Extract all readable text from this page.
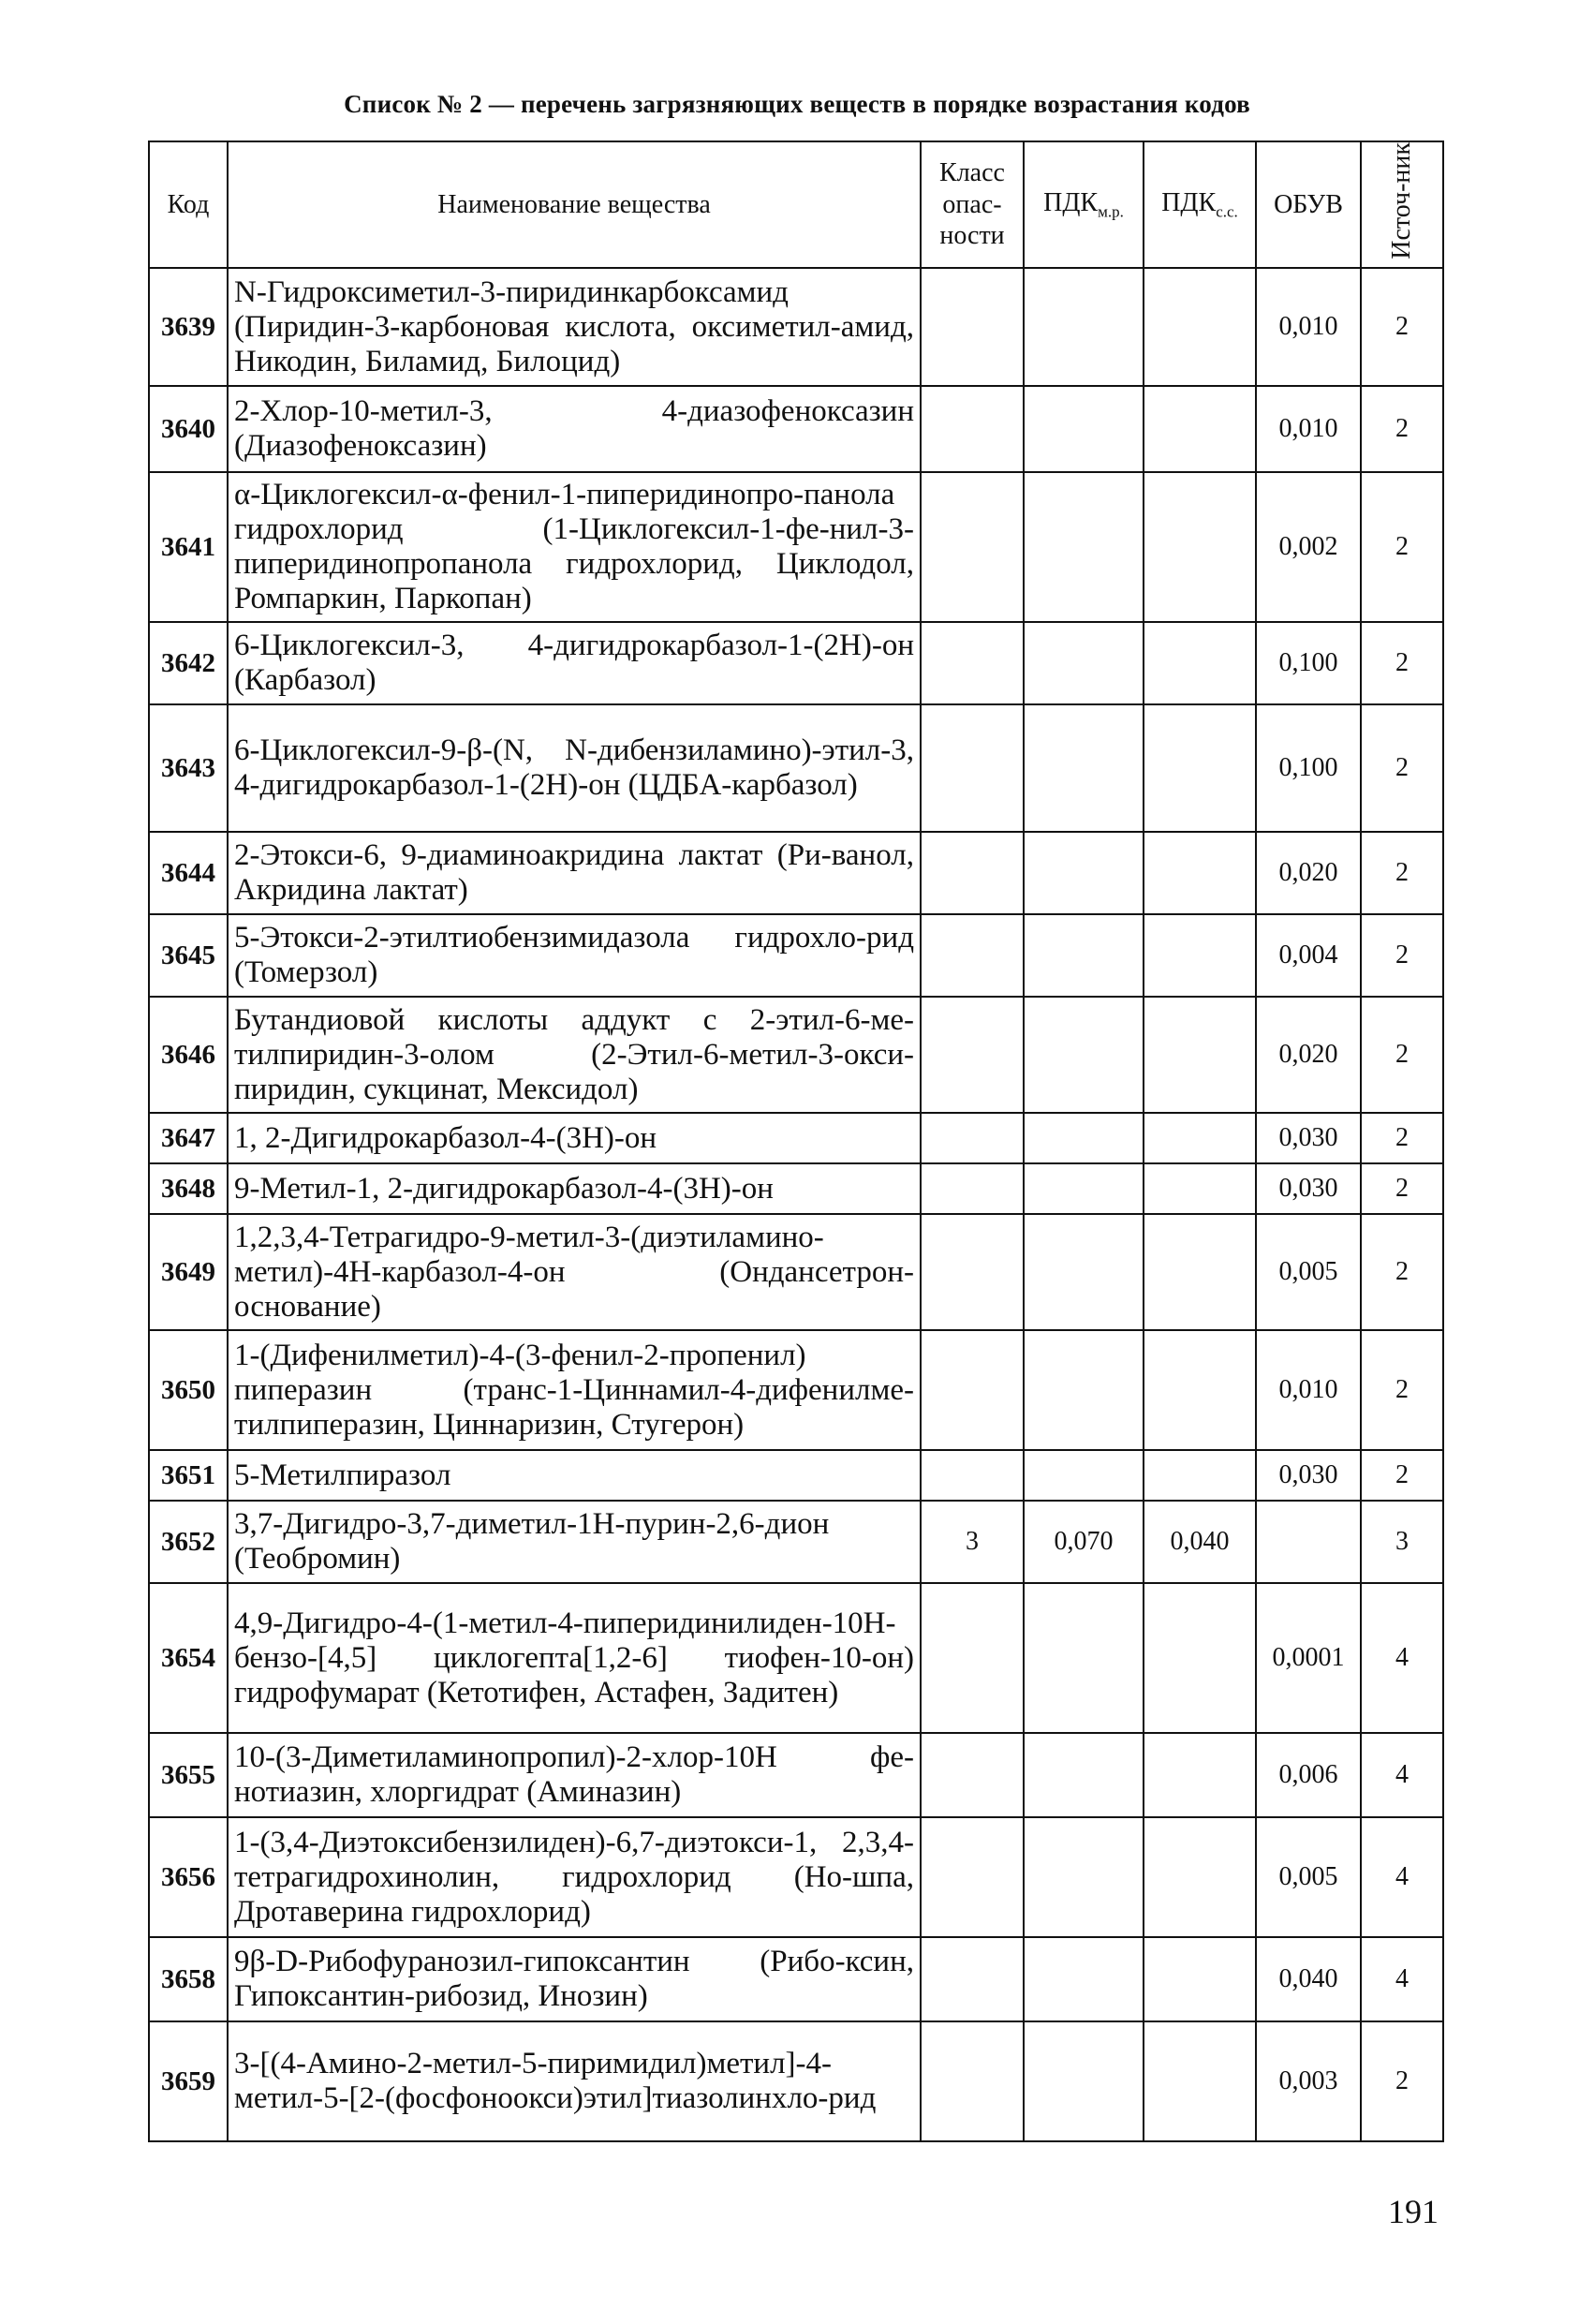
Список № 2 — перечень загрязняющих веществ в порядке возрастания кодов
Код	Наименование вещества	Класс опас-ности	$ПДК_{м.р.}$	$ПДК_{с.с.}$	ОБУВ	Источ-ник
3639	N-Гидроксиметил-3-пиридинкарбоксамид (Пиридин-3-карбоновая кислота, оксиметил-амид, Никодин, Биламид, Билоцид)				0,010	2
3640	2-Хлор-10-метил-3, 4-диазофеноксазин (Диазофеноксазин)				0,010	2
3641	α-Циклогексил-α-фенил-1-пиперидинопро-панола гидрохлорид (1-Циклогексил-1-фе-нил-3-пиперидинопропанола гидрохлорид, Циклодол, Ромпаркин, Паркопан)				0,002	2
3642	6-Циклогексил-3, 4-дигидрокарбазол-1-(2Н)-он (Карбазол)				0,100	2
3643	6-Циклогексил-9-β-(N, N-дибензиламино)-этил-3, 4-дигидрокарбазол-1-(2Н)-он (ЦДБА-карбазол)				0,100	2
3644	2-Этокси-6, 9-диаминоакридина лактат (Ри-ванол, Акридина лактат)				0,020	2
3645	5-Этокси-2-этилтиобензимидазола гидрохло-рид (Томерзол)				0,004	2
3646	Бутандиовой кислоты аддукт с 2-этил-6-ме-тилпиридин-3-олом (2-Этил-6-метил-3-окси-пиридин, сукцинат, Мексидол)				0,020	2
3647	1, 2-Дигидрокарбазол-4-(3Н)-он				0,030	2
3648	9-Метил-1, 2-дигидрокарбазол-4-(3Н)-он				0,030	2
3649	1,2,3,4-Тетрагидро-9-метил-3-(диэтиламино-метил)-4Н-карбазол-4-он (Ондансетрон-основание)				0,005	2
3650	1-(Дифенилметил)-4-(3-фенил-2-пропенил) пиперазин (транс-1-Циннамил-4-дифенилме-тилпиперазин, Циннаризин, Стугерон)				0,010	2
3651	5-Метилпиразол				0,030	2
3652	3,7-Дигидро-3,7-диметил-1Н-пурин-2,6-дион (Теобромин)	3	0,070	0,040		3
3654	4,9-Дигидро-4-(1-метил-4-пиперидинилиден-10Н-бензо-[4,5] циклогепта[1,2-6] тиофен-10-он) гидрофумарат (Кетотифен, Астафен, Задитен)				0,0001	4
3655	10-(3-Диметиламинопропил)-2-хлор-10Н фе-нотиазин, хлоргидрат (Аминазин)				0,006	4
3656	1-(3,4-Диэтоксибензилиден)-6,7-диэтокси-1, 2,3,4-тетрагидрохинолин, гидрохлорид (Но-шпа, Дротаверина гидрохлорид)				0,005	4
3658	9β-D-Рибофуранозил-гипоксантин (Рибо-ксин, Гипоксантин-рибозид, Инозин)				0,040	4
3659	3-[(4-Амино-2-метил-5-пиримидил)метил]-4-метил-5-[2-(фосфоноокси)этил]тиазолинхло-рид				0,003	2
191
